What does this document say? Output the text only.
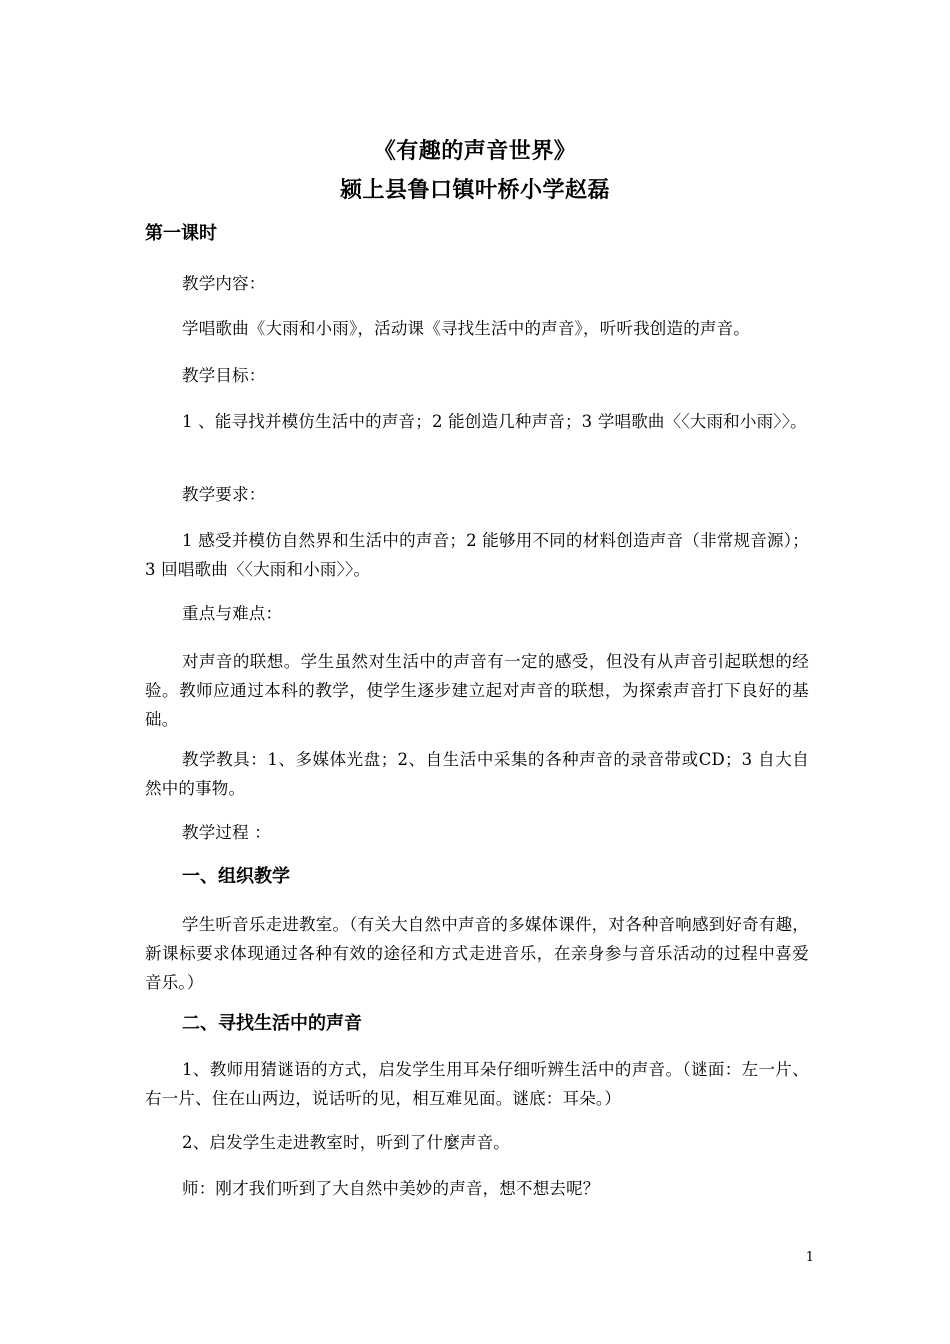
《有趣的声音世界》
颍上县鲁口镇叶桥小学赵磊
第一课时
教学内容：
学唱歌曲《大雨和小雨》，活动课《寻找生活中的声音》，听听我创造的声音。
教学目标：
1 、能寻找并模仿生活中的声音；2 能创造几种声音；3 学唱歌曲〈〈大雨和小雨〉〉。
教学要求：
1 感受并模仿自然界和生活中的声音；2 能够用不同的材料创造声音（非常规音源）；3 回唱歌曲〈〈大雨和小雨〉〉。
重点与难点：
对声音的联想。学生虽然对生活中的声音有一定的感受，但没有从声音引起联想的经验。教师应通过本科的教学，使学生逐步建立起对声音的联想，为探索声音打下良好的基础。
教学教具：1、多媒体光盘；2、自生活中采集的各种声音的录音带或CD；3 自大自然中的事物。
教学过程 ：
一、组织教学
学生听音乐走进教室。（有关大自然中声音的多媒体课件，对各种音响感到好奇有趣，新课标要求体现通过各种有效的途径和方式走进音乐，在亲身参与音乐活动的过程中喜爱音乐。）
二、寻找生活中的声音
1、教师用猜谜语的方式，启发学生用耳朵仔细听辨生活中的声音。（谜面：左一片、右一片、住在山两边，说话听的见，相互难见面。谜底：耳朵。）
2、启发学生走进教室时，听到了什麼声音。
师：刚才我们听到了大自然中美妙的声音，想不想去呢？
1
